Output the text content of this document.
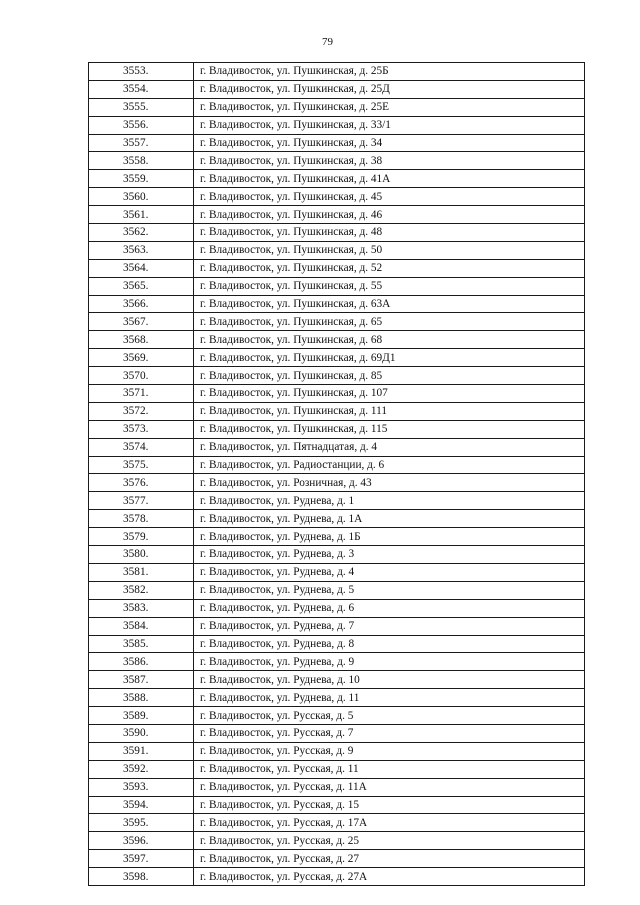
79
3553.	г. Владивосток, ул. Пушкинская, д. 25Б
3554.	г. Владивосток, ул. Пушкинская, д. 25Д
3555.	г. Владивосток, ул. Пушкинская, д. 25Е
3556.	г. Владивосток, ул. Пушкинская, д. 33/1
3557.	г. Владивосток, ул. Пушкинская, д. 34
3558.	г. Владивосток, ул. Пушкинская, д. 38
3559.	г. Владивосток, ул. Пушкинская, д. 41А
3560.	г. Владивосток, ул. Пушкинская, д. 45
3561.	г. Владивосток, ул. Пушкинская, д. 46
3562.	г. Владивосток, ул. Пушкинская, д. 48
3563.	г. Владивосток, ул. Пушкинская, д. 50
3564.	г. Владивосток, ул. Пушкинская, д. 52
3565.	г. Владивосток, ул. Пушкинская, д. 55
3566.	г. Владивосток, ул. Пушкинская, д. 63А
3567.	г. Владивосток, ул. Пушкинская, д. 65
3568.	г. Владивосток, ул. Пушкинская, д. 68
3569.	г. Владивосток, ул. Пушкинская, д. 69Д1
3570.	г. Владивосток, ул. Пушкинская, д. 85
3571.	г. Владивосток, ул. Пушкинская, д. 107
3572.	г. Владивосток, ул. Пушкинская, д. 111
3573.	г. Владивосток, ул. Пушкинская, д. 115
3574.	г. Владивосток, ул. Пятнадцатая, д. 4
3575.	г. Владивосток, ул. Радиостанции, д. 6
3576.	г. Владивосток, ул. Розничная, д. 43
3577.	г. Владивосток, ул. Руднева, д. 1
3578.	г. Владивосток, ул. Руднева, д. 1А
3579.	г. Владивосток, ул. Руднева, д. 1Б
3580.	г. Владивосток, ул. Руднева, д. 3
3581.	г. Владивосток, ул. Руднева, д. 4
3582.	г. Владивосток, ул. Руднева, д. 5
3583.	г. Владивосток, ул. Руднева, д. 6
3584.	г. Владивосток, ул. Руднева, д. 7
3585.	г. Владивосток, ул. Руднева, д. 8
3586.	г. Владивосток, ул. Руднева, д. 9
3587.	г. Владивосток, ул. Руднева, д. 10
3588.	г. Владивосток, ул. Руднева, д. 11
3589.	г. Владивосток, ул. Русская, д. 5
3590.	г. Владивосток, ул. Русская, д. 7
3591.	г. Владивосток, ул. Русская, д. 9
3592.	г. Владивосток, ул. Русская, д. 11
3593.	г. Владивосток, ул. Русская, д. 11А
3594.	г. Владивосток, ул. Русская, д. 15
3595.	г. Владивосток, ул. Русская, д. 17А
3596.	г. Владивосток, ул. Русская, д. 25
3597.	г. Владивосток, ул. Русская, д. 27
3598.	г. Владивосток, ул. Русская, д. 27А
